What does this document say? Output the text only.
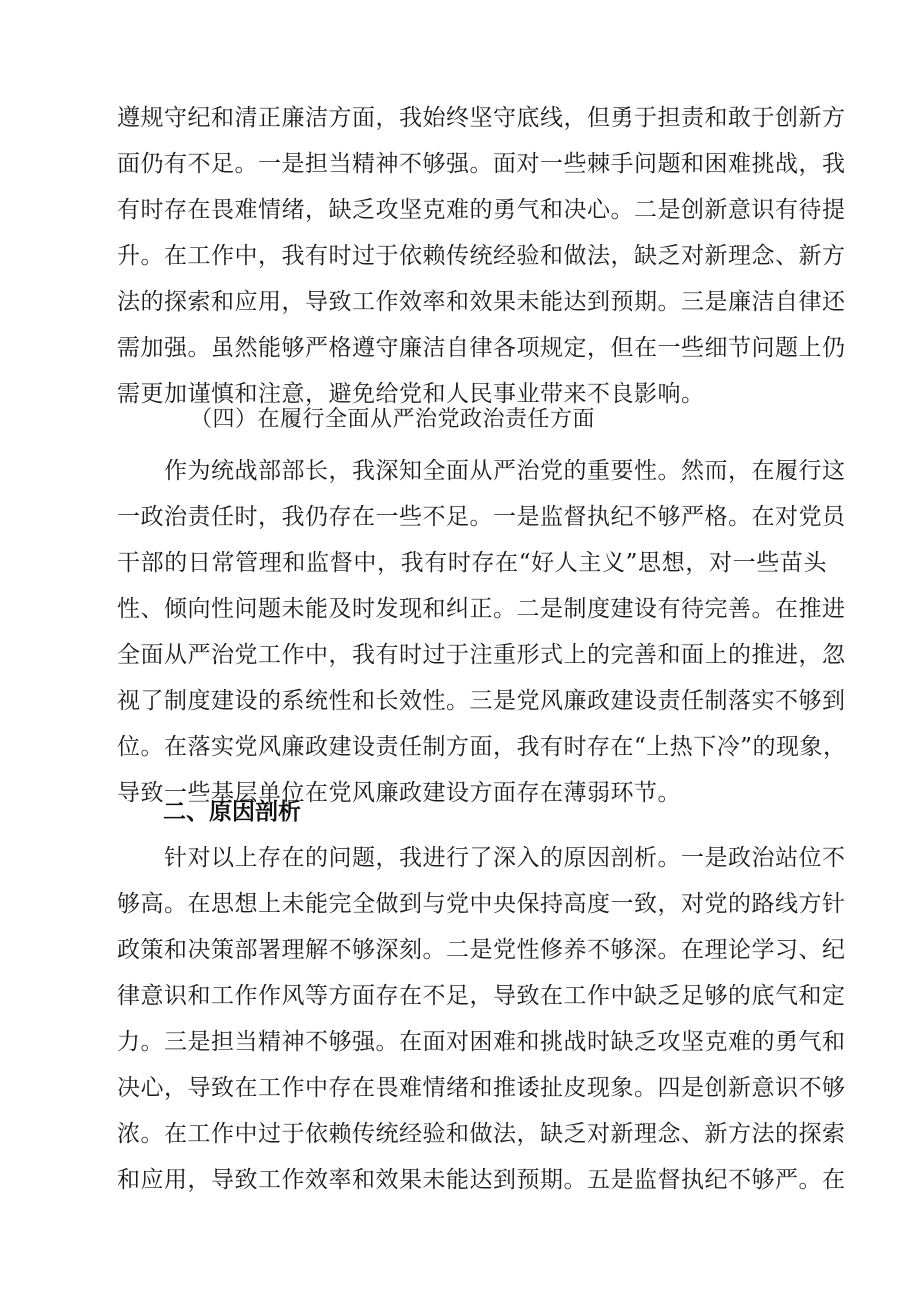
遵规守纪和清正廉洁方面，我始终坚守底线，但勇于担责和敢于创新方
面仍有不足。一是担当精神不够强。面对一些棘手问题和困难挑战，我
有时存在畏难情绪，缺乏攻坚克难的勇气和决心。二是创新意识有待提
升。在工作中，我有时过于依赖传统经验和做法，缺乏对新理念、新方
法的探索和应用，导致工作效率和效果未能达到预期。三是廉洁自律还
需加强。虽然能够严格遵守廉洁自律各项规定，但在一些细节问题上仍
需更加谨慎和注意，避免给党和人民事业带来不良影响。
（四）在履行全面从严治党政治责任方面
　　作为统战部部长，我深知全面从严治党的重要性。然而，在履行这
一政治责任时，我仍存在一些不足。一是监督执纪不够严格。在对党员
干部的日常管理和监督中，我有时存在“好人主义”思想，对一些苗头
性、倾向性问题未能及时发现和纠正。二是制度建设有待完善。在推进
全面从严治党工作中，我有时过于注重形式上的完善和面上的推进，忽
视了制度建设的系统性和长效性。三是党风廉政建设责任制落实不够到
位。在落实党风廉政建设责任制方面，我有时存在“上热下冷”的现象，
导致一些基层单位在党风廉政建设方面存在薄弱环节。
二、原因剖析
　　针对以上存在的问题，我进行了深入的原因剖析。一是政治站位不
够高。在思想上未能完全做到与党中央保持高度一致，对党的路线方针
政策和决策部署理解不够深刻。二是党性修养不够深。在理论学习、纪
律意识和工作作风等方面存在不足，导致在工作中缺乏足够的底气和定
力。三是担当精神不够强。在面对困难和挑战时缺乏攻坚克难的勇气和
决心，导致在工作中存在畏难情绪和推诿扯皮现象。四是创新意识不够
浓。在工作中过于依赖传统经验和做法，缺乏对新理念、新方法的探索
和应用，导致工作效率和效果未能达到预期。五是监督执纪不够严。在
